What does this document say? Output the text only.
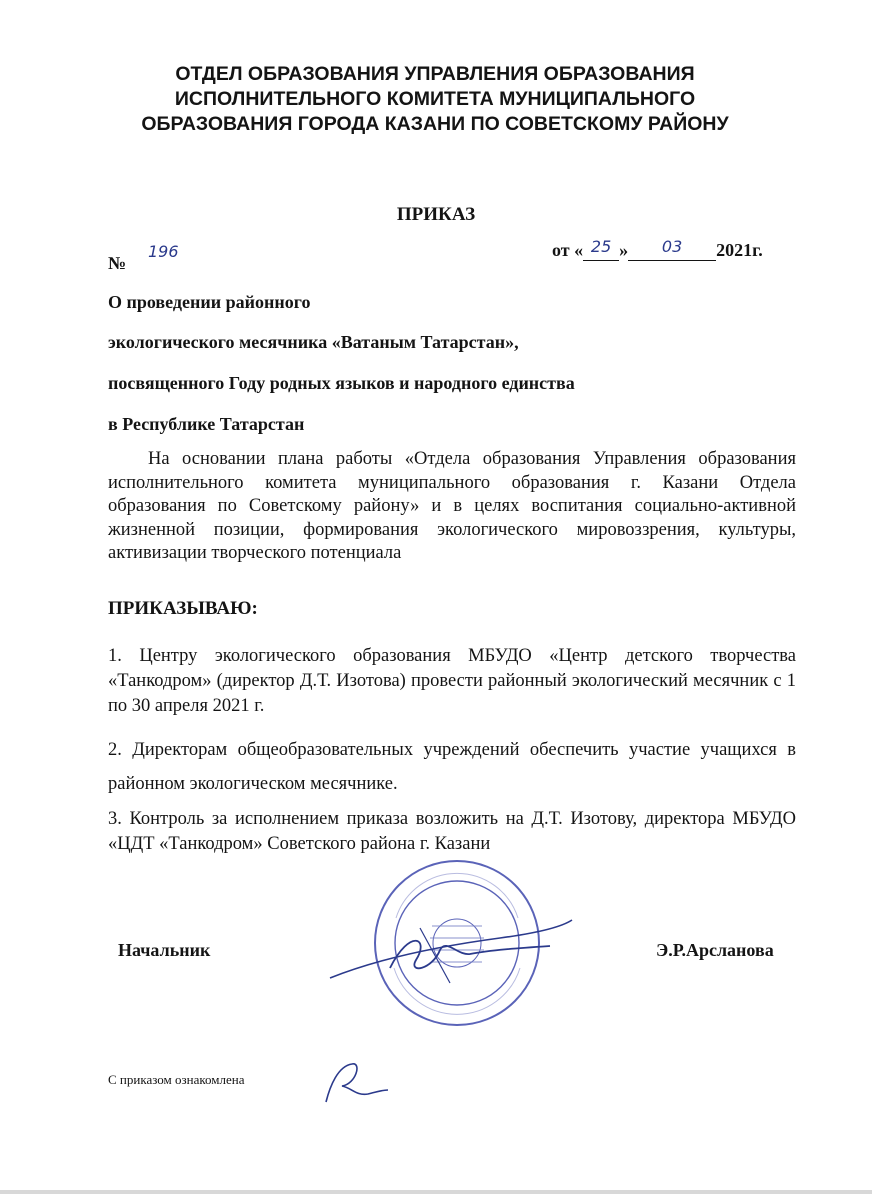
ОТДЕЛ ОБРАЗОВАНИЯ УПРАВЛЕНИЯ ОБРАЗОВАНИЯ
ИСПОЛНИТЕЛЬНОГО КОМИТЕТА МУНИЦИПАЛЬНОГО
ОБРАЗОВАНИЯ ГОРОДА КАЗАНИ ПО СОВЕТСКОМУ РАЙОНУ
ПРИКАЗ
№
196	от « 25 » 03 2021г.
О проведении районного
экологического месячника «Ватаным Татарстан»,
посвященного Году родных языков и народного единства
в Республике Татарстан
На основании плана работы «Отдела образования Управления образования исполнительного комитета муниципального образования г. Казани Отдела образования по Советскому району» и в целях воспитания социально-активной жизненной позиции, формирования экологического мировоззрения, культуры, активизации творческого потенциала
ПРИКАЗЫВАЮ:
1. Центру экологического образования МБУДО «Центр детского творчества «Танкодром» (директор Д.Т. Изотова) провести районный экологический месячник с 1 по 30 апреля 2021 г.
2. Директорам общеобразовательных учреждений обеспечить участие учащихся в районном экологическом месячнике.
3. Контроль за исполнением приказа возложить на Д.Т. Изотову, директора МБУДО «ЦДТ «Танкодром» Советского района г. Казани
Начальник	Э.Р.Арсланова
С приказом ознакомлена
